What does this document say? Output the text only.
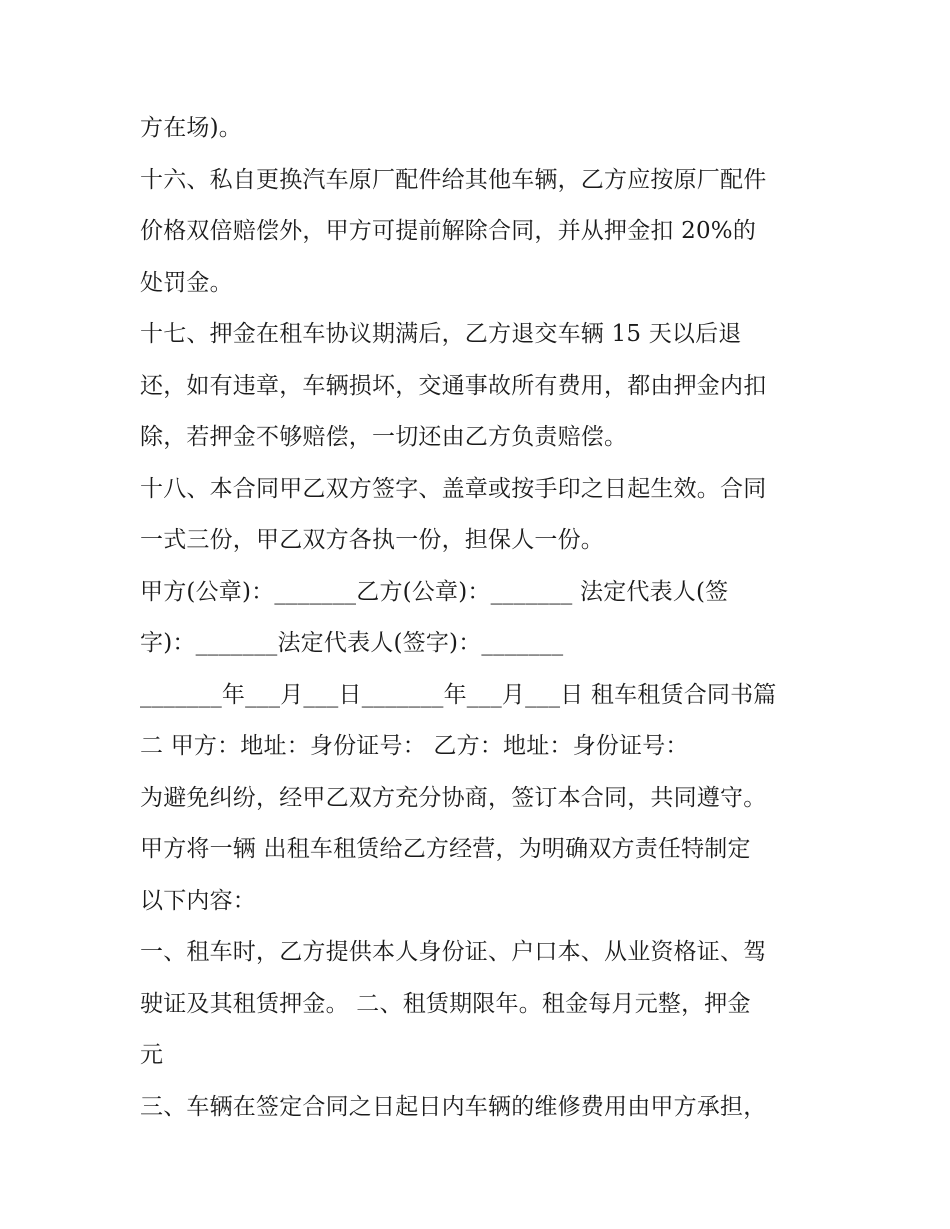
方在场)。
十六、私自更换汽车原厂配件给其他车辆，乙方应按原厂配件
价格双倍赔偿外，甲方可提前解除合同，并从押金扣 20%的
处罚金。
十七、押金在租车协议期满后，乙方退交车辆 15 天以后退
还，如有违章，车辆损坏，交通事故所有费用，都由押金内扣
除，若押金不够赔偿，一切还由乙方负责赔偿。
十八、本合同甲乙双方签字、盖章或按手印之日起生效。合同
一式三份，甲乙双方各执一份，担保人一份。
甲方(公章)：_______乙方(公章)：_______ 法定代表人(签
字)：_______法定代表人(签字)：_______
_______年___月___日_______年___月___日 租车租赁合同书篇
二 甲方：地址：身份证号： 乙方：地址：身份证号：
为避免纠纷，经甲乙双方充分协商，签订本合同，共同遵守。
甲方将一辆 出租车租赁给乙方经营，为明确双方责任特制定
以下内容：
一、租车时，乙方提供本人身份证、户口本、从业资格证、驾
驶证及其租赁押金。 二、租赁期限年。租金每月元整，押金
元
三、车辆在签定合同之日起日内车辆的维修费用由甲方承担，
